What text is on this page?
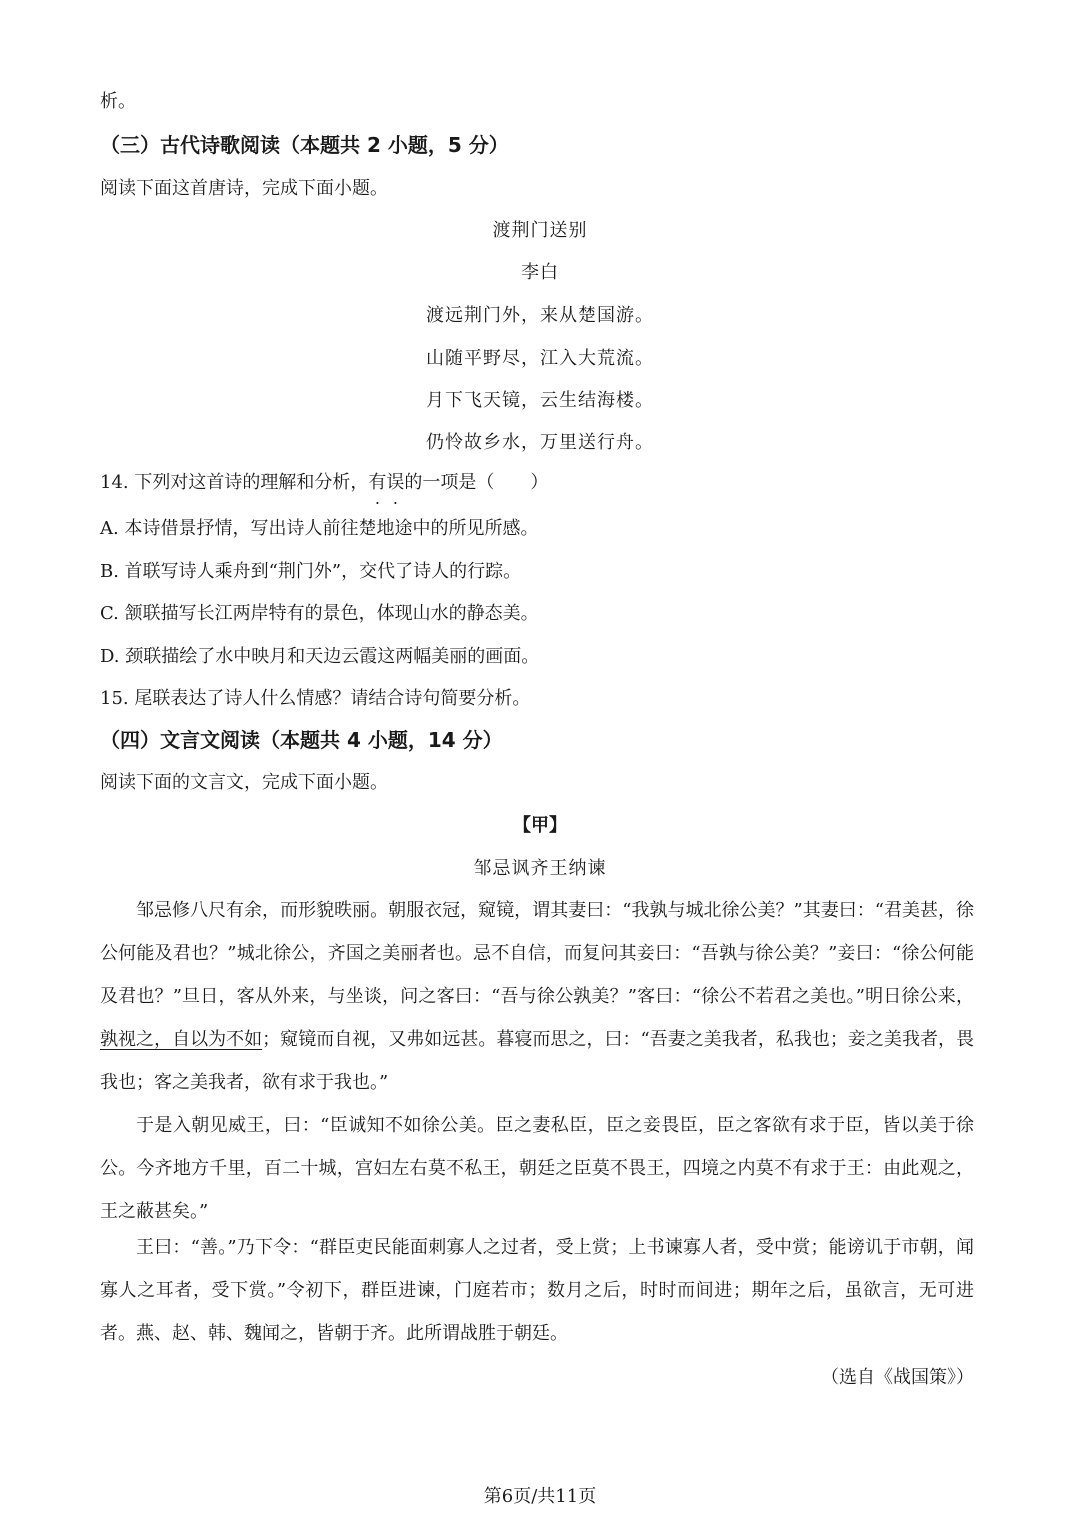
析。
（三）古代诗歌阅读（本题共 2 小题，5 分）
阅读下面这首唐诗，完成下面小题。
渡荆门送别
李白
渡远荆门外，来从楚国游。
山随平野尽，江入大荒流。
月下飞天镜，云生结海楼。
仍怜故乡水，万里送行舟。
14. 下列对这首诗的理解和分析，有误的一项是（　　）
A. 本诗借景抒情，写出诗人前往楚地途中的所见所感。
B. 首联写诗人乘舟到“荆门外”，交代了诗人的行踪。
C. 颔联描写长江两岸特有的景色，体现山水的静态美。
D. 颈联描绘了水中映月和天边云霞这两幅美丽的画面。
15. 尾联表达了诗人什么情感？请结合诗句简要分析。
（四）文言文阅读（本题共 4 小题，14 分）
阅读下面的文言文，完成下面小题。
【甲】
邹忌讽齐王纳谏
邹忌修八尺有余，而形貌昳丽。朝服衣冠，窥镜，谓其妻曰：“我孰与城北徐公美？”其妻曰：“君美甚，徐公何能及君也？”城北徐公，齐国之美丽者也。忌不自信，而复问其妾曰：“吾孰与徐公美？”妾曰：“徐公何能及君也？”旦日，客从外来，与坐谈，问之客曰：“吾与徐公孰美？”客曰：“徐公不若君之美也。”明日徐公来，孰视之，自以为不如；窥镜而自视，又弗如远甚。暮寝而思之，曰：“吾妻之美我者，私我也；妾之美我者，畏我也；客之美我者，欲有求于我也。”
于是入朝见威王，曰：“臣诚知不如徐公美。臣之妻私臣，臣之妾畏臣，臣之客欲有求于臣，皆以美于徐公。今齐地方千里，百二十城，宫妇左右莫不私王，朝廷之臣莫不畏王，四境之内莫不有求于王：由此观之，王之蔽甚矣。”
王曰：“善。”乃下令：“群臣吏民能面刺寡人之过者，受上赏；上书谏寡人者，受中赏；能谤讥于市朝，闻寡人之耳者，受下赏。”令初下，群臣进谏，门庭若市；数月之后，时时而间进；期年之后，虽欲言，无可进者。燕、赵、韩、魏闻之，皆朝于齐。此所谓战胜于朝廷。
（选自《战国策》）
第6页/共11页
